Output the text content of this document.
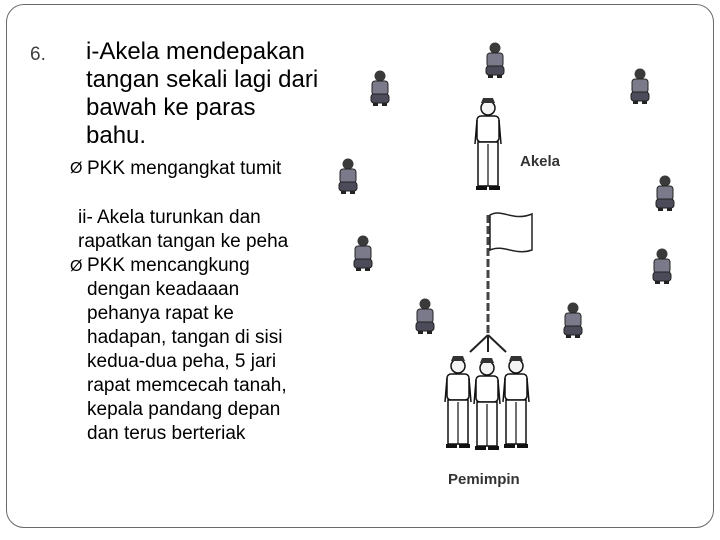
6.	i-Akela mendepakan tangan sekali lagi dari bawah ke paras bahu.
Ø PKK mengangkat tumit
ii- Akela turunkan dan rapatkan tangan ke peha
Ø PKK mencangkung dengan keadaaan pehanya rapat ke hadapan, tangan di sisi kedua-dua peha, 5 jari rapat memcecah tanah, kepala pandang depan dan terus berteriak
Akela
Pemimpin
